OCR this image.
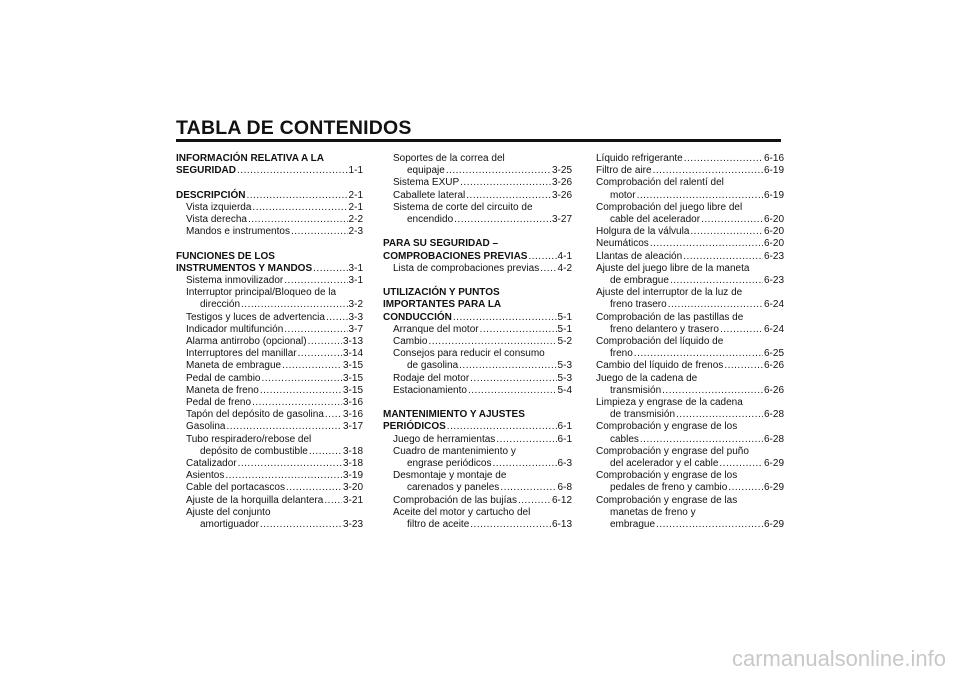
TABLA DE CONTENIDOS
INFORMACIÓN RELATIVA A LA
SEGURIDAD .....	1-1
DESCRIPCIÓN .....	2-1
Vista izquierda .....	2-1
Vista derecha .....	2-2
Mandos e instrumentos .....	2-3
FUNCIONES DE LOS
INSTRUMENTOS Y MANDOS .....	3-1
Sistema inmovilizador .....	3-1
Interruptor principal/Bloqueo de la
dirección .....	3-2
Testigos y luces de advertencia ..... 3-3
Indicador multifunción .....	3-7
Alarma antirrobo (opcional) .....	3-13
Interruptores del manillar .....	3-14
Maneta de embrague .....	3-15
Pedal de cambio .....	3-15
Maneta de freno .....	3-15
Pedal de freno .....	3-16
Tapón del depósito de gasolina ..... 3-16
Gasolina .....	3-17
Tubo respiradero/rebose del
depósito de combustible .....	3-18
Catalizador .....	3-18
Asientos .....	3-19
Cable del portacascos .....	3-20
Ajuste de la horquilla delantera ..... 3-21
Ajuste del conjunto
amortiguador .....	3-23
Soportes de la correa del
equipaje .....	3-25
Sistema EXUP .....	3-26
Caballete lateral .....	3-26
Sistema de corte del circuito de
encendido .....	3-27
PARA SU SEGURIDAD –
COMPROBACIONES PREVIAS .....	4-1
Lista de comprobaciones previas ..... 4-2
UTILIZACIÓN Y PUNTOS
IMPORTANTES PARA LA
CONDUCCIÓN .....	5-1
Arranque del motor .....	5-1
Cambio .....	5-2
Consejos para reducir el consumo
de gasolina .....	5-3
Rodaje del motor .....	5-3
Estacionamiento .....	5-4
MANTENIMIENTO Y AJUSTES
PERIÓDICOS .....	6-1
Juego de herramientas .....	6-1
Cuadro de mantenimiento y
engrase periódicos .....	6-3
Desmontaje y montaje de
carenados y paneles .....	6-8
Comprobación de las bujías .....	6-12
Aceite del motor y cartucho del
filtro de aceite .....	6-13
Líquido refrigerante .....	6-16
Filtro de aire .....	6-19
Comprobación del ralentí del
motor .....	6-19
Comprobación del juego libre del
cable del acelerador .....	6-20
Holgura de la válvula .....	6-20
Neumáticos .....	6-20
Llantas de aleación .....	6-23
Ajuste del juego libre de la maneta
de embrague .....	6-23
Ajuste del interruptor de la luz de
freno trasero .....	6-24
Comprobación de las pastillas de
freno delantero y trasero .....	6-24
Comprobación del líquido de
freno .....	6-25
Cambio del líquido de frenos .....	6-26
Juego de la cadena de
transmisión .....	6-26
Limpieza y engrase de la cadena
de transmisión .....	6-28
Comprobación y engrase de los
cables .....	6-28
Comprobación y engrase del puño
del acelerador y el cable .....	6-29
Comprobación y engrase de los
pedales de freno y cambio .....	6-29
Comprobación y engrase de las
manetas de freno y
embrague .....	6-29
carmanualsonline.info
